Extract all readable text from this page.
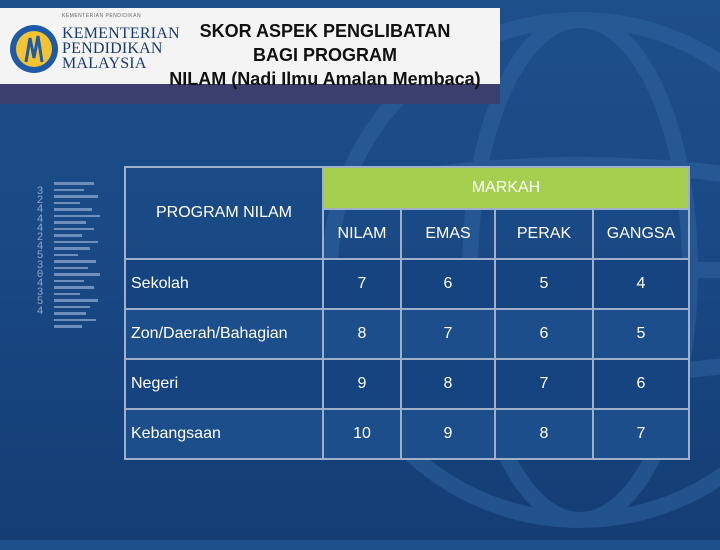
KEMENTERIAN PENDIDIKAN
KEMENTERIAN
PENDIDIKAN
MALAYSIA
SKOR ASPEK PENGLIBATAN
BAGI PROGRAM
NILAM (Nadi Ilmu Amalan Membaca)
3 2 4 4 4 2 4 5 3 0 4 3 5 4
PROGRAM NILAM	MARKAH			
	NILAM	EMAS	PERAK	GANGSA
Sekolah	7	6	5	4
Zon/Daerah/Bahagian	8	7	6	5
Negeri	9	8	7	6
Kebangsaan	10	9	8	7
